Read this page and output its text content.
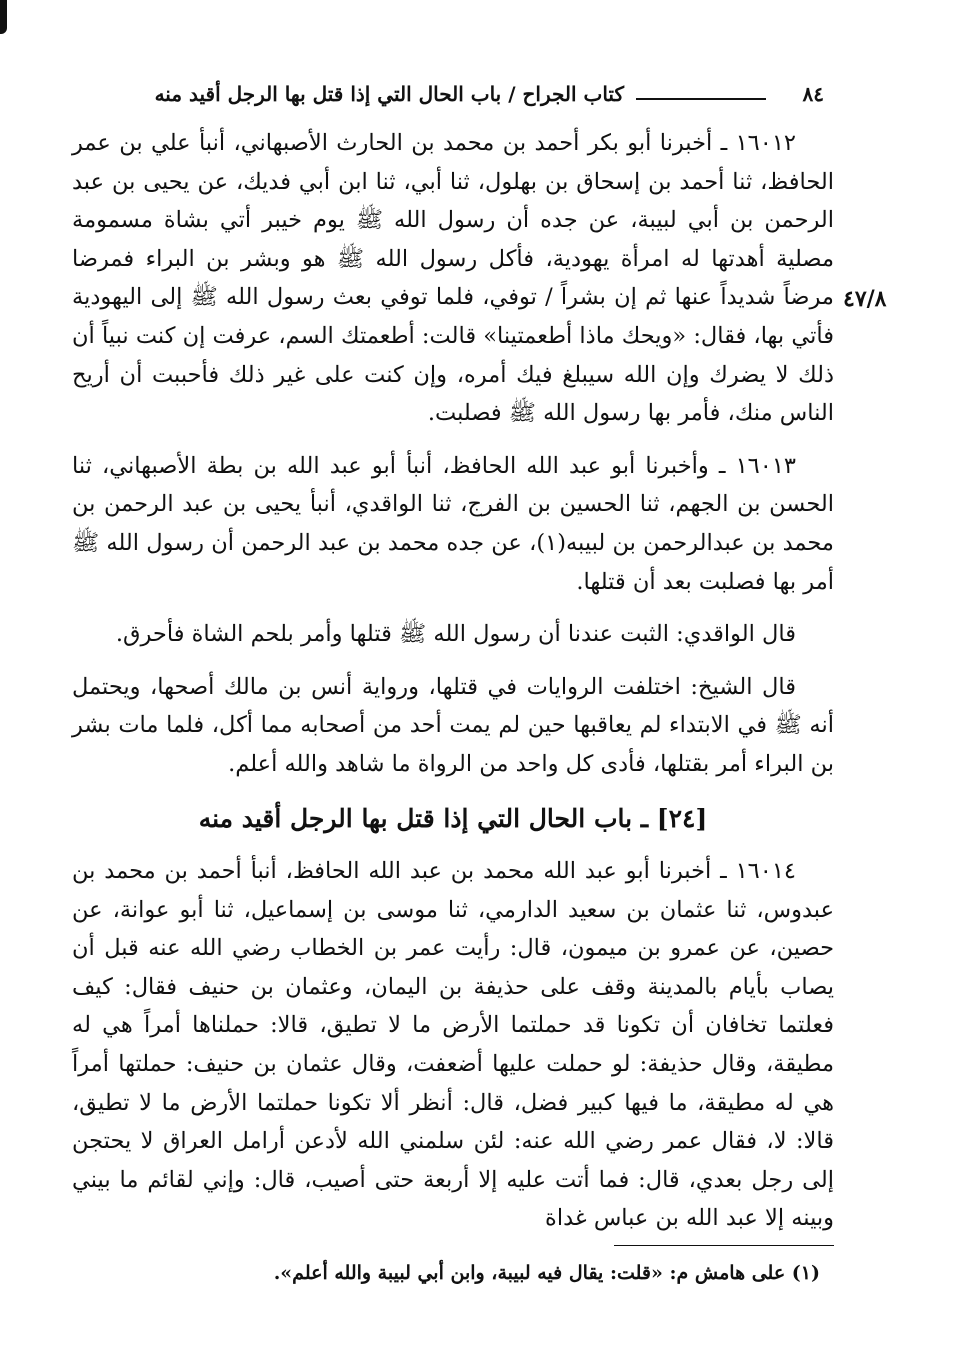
٨٤
كتاب الجراح / باب الحال التي إذا قتل بها الرجل أقيد منه
٤٧/٨

١٦٠١٢ ـ أخبرنا أبو بكر أحمد بن محمد بن الحارث الأصبهاني، أنبأ علي بن عمر الحافظ، ثنا أحمد بن إسحاق بن بهلول، ثنا أبي، ثنا ابن أبي فديك، عن يحيى بن عبد الرحمن بن أبي لبيبة، عن جده أن رسول الله ﷺ يوم خيبر أتي بشاة مسمومة مصلية أهدتها له امرأة يهودية، فأكل رسول الله ﷺ هو وبشر بن البراء فمرضا مرضاً شديداً عنها ثم إن بشراً / توفي، فلما توفي بعث رسول الله ﷺ إلى اليهودية فأتي بها، فقال: «ويحك ماذا أطعمتينا» قالت: أطعمتك السم، عرفت إن كنت نبياً أن ذلك لا يضرك وإن الله سيبلغ فيك أمره، وإن كنت على غير ذلك فأحببت أن أريح الناس منك، فأمر بها رسول الله ﷺ فصلبت.

١٦٠١٣ ـ وأخبرنا أبو عبد الله الحافظ، أنبأ أبو عبد الله بن بطة الأصبهاني، ثنا الحسن بن الجهم، ثنا الحسين بن الفرج، ثنا الواقدي، أنبأ يحيى بن عبد الرحمن بن محمد بن عبدالرحمن بن لبيبه(١)، عن جده محمد بن عبد الرحمن أن رسول الله ﷺ أمر بها فصلبت بعد أن قتلها.

قال الواقدي: الثبت عندنا أن رسول الله ﷺ قتلها وأمر بلحم الشاة فأحرق.

قال الشيخ: اختلفت الروايات في قتلها، ورواية أنس بن مالك أصحها، ويحتمل أنه ﷺ في الابتداء لم يعاقبها حين لم يمت أحد من أصحابه مما أكل، فلما مات بشر بن البراء أمر بقتلها، فأدى كل واحد من الرواة ما شاهد والله أعلم.

[٢٤] ـ باب الحال التي إذا قتل بها الرجل أقيد منه

١٦٠١٤ ـ أخبرنا أبو عبد الله محمد بن عبد الله الحافظ، أنبأ أحمد بن محمد بن عبدوس، ثنا عثمان بن سعيد الدارمي، ثنا موسى بن إسماعيل، ثنا أبو عوانة، عن حصين، عن عمرو بن ميمون، قال: رأيت عمر بن الخطاب رضي الله عنه قبل أن يصاب بأيام بالمدينة وقف على حذيفة بن اليمان، وعثمان بن حنيف فقال: كيف فعلتما تخافان أن تكونا قد حملتما الأرض ما لا تطيق، قالا: حملناها أمراً هي له مطيقة، وقال حذيفة: لو حملت عليها أضعفت، وقال عثمان بن حنيف: حملتها أمراً هي له مطيقة، ما فيها كبير فضل، قال: أنظر ألا تكونا حملتما الأرض ما لا تطيق، قالا: لا، فقال عمر رضي الله عنه: لئن سلمني الله لأدعن أرامل العراق لا يحتجن إلى رجل بعدي، قال: فما أتت عليه إلا أربعة حتى أصيب، قال: وإني لقائم ما بيني وبينه إلا عبد الله بن عباس غداة

(١) على هامش م: «قلت: يقال فيه لبيبة، وابن أبي لبيبة والله أعلم».
